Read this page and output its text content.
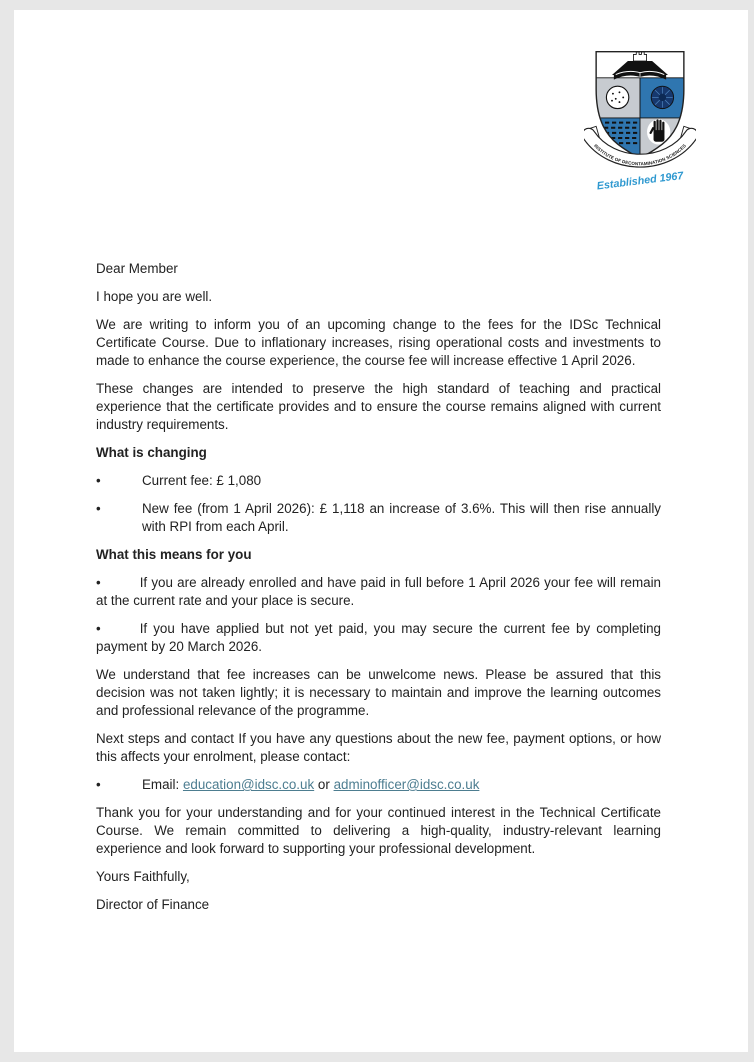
INSTITUTE OF DECONTAMINATION SCIENCES
Established 1967

Dear Member

I hope you are well.

We are writing to inform you of an upcoming change to the fees for the IDSc Technical Certificate Course. Due to inflationary increases, rising operational costs and investments to made to enhance the course experience, the course fee will increase effective 1 April 2026.

These changes are intended to preserve the high standard of teaching and practical experience that the certificate provides and to ensure the course remains aligned with current industry requirements.

What is changing

•	Current fee: £ 1,080
•	New fee (from 1 April 2026): £ 1,118 an increase of 3.6%. This will then rise annually with RPI from each April.

What this means for you

•	If you are already enrolled and have paid in full before 1 April 2026 your fee will remain at the current rate and your place is secure.

•	If you have applied but not yet paid, you may secure the current fee by completing payment by 20 March 2026.

We understand that fee increases can be unwelcome news. Please be assured that this decision was not taken lightly; it is necessary to maintain and improve the learning outcomes and professional relevance of the programme.

Next steps and contact If you have any questions about the new fee, payment options, or how this affects your enrolment, please contact:

•	Email: education@idsc.co.uk or adminofficer@idsc.co.uk

Thank you for your understanding and for your continued interest in the Technical Certificate Course. We remain committed to delivering a high-quality, industry-relevant learning experience and look forward to supporting your professional development.

Yours Faithfully,

Director of Finance
